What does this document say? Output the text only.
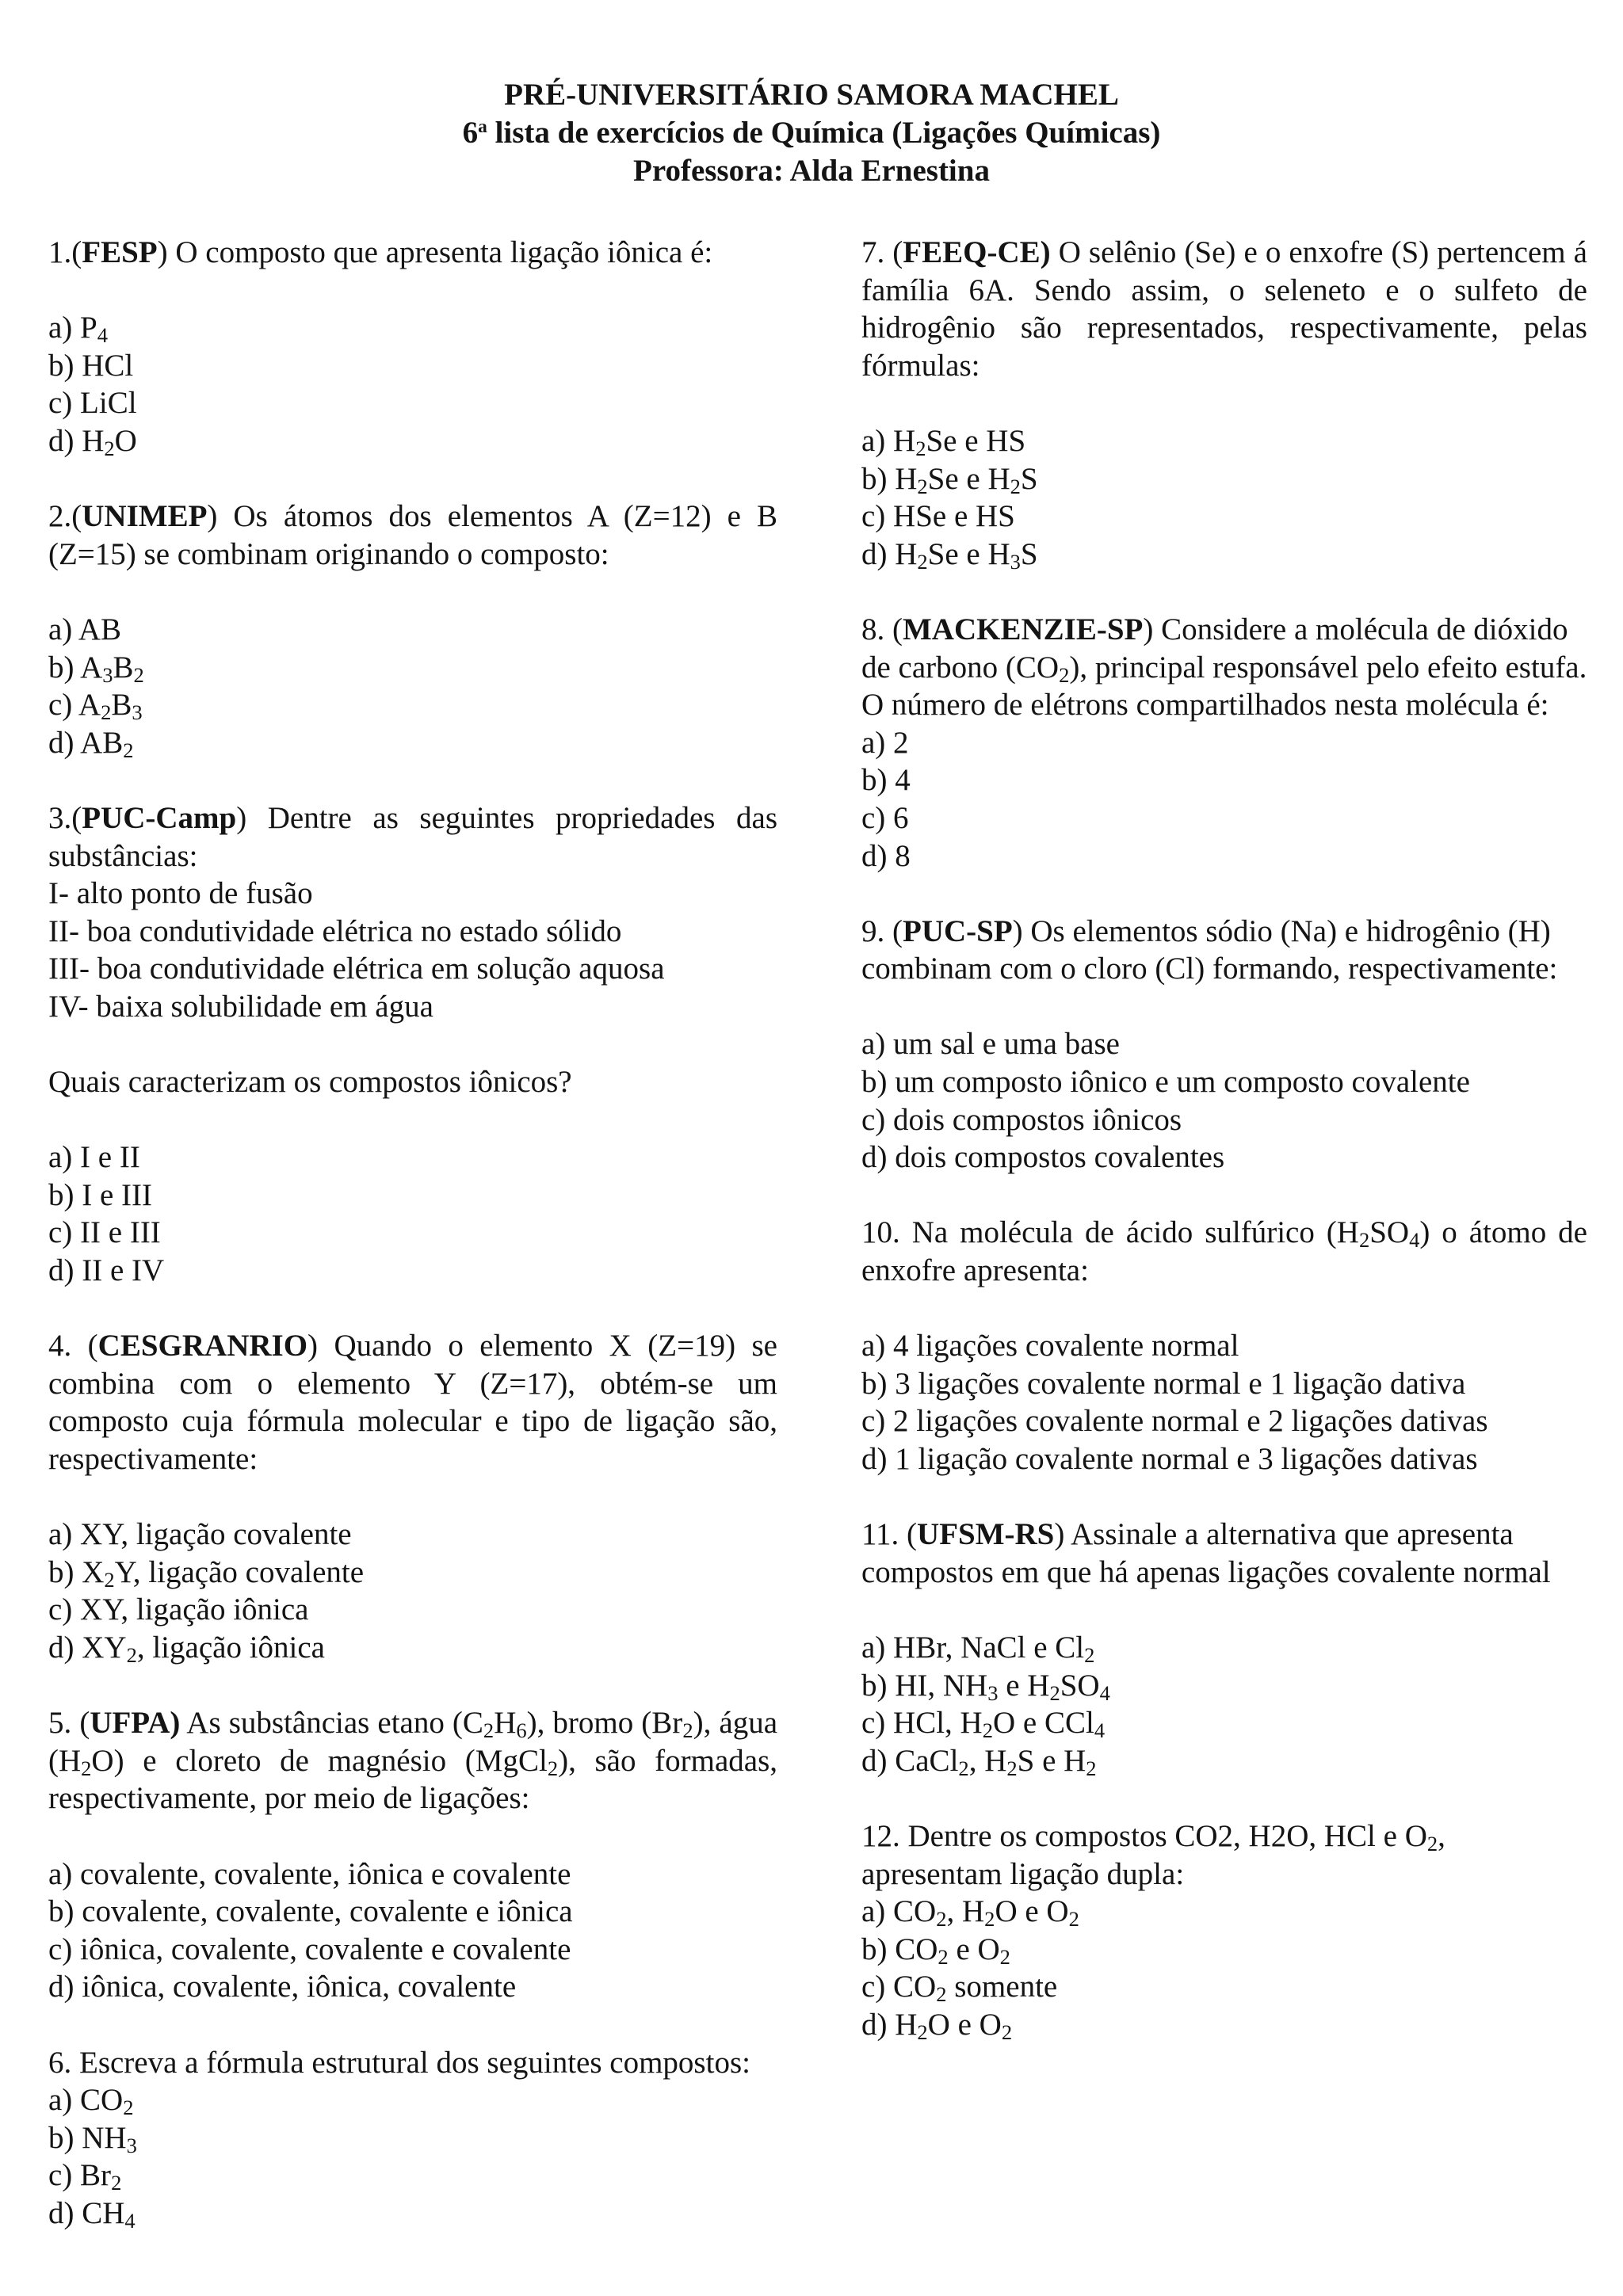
PRÉ-UNIVERSITÁRIO SAMORA MACHEL
6$^a$ lista de exercícios de Química (Ligações Químicas)
Professora: Alda Ernestina
1.(FESP) O composto que apresenta ligação iônica é:
a) $P_4$
b) HCl
c) LiCl
d) $H_2O$
2.(UNIMEP) Os átomos dos elementos A (Z=12) e B (Z=15) se combinam originando o composto:
a) AB
b) $A_3B_2$
c) $A_2B_3$
d) $AB_2$
3.(PUC-Camp) Dentre as seguintes propriedades das substâncias:
I- alto ponto de fusão
II- boa condutividade elétrica no estado sólido
III- boa condutividade elétrica em solução aquosa
IV- baixa solubilidade em água
Quais caracterizam os compostos iônicos?
a) I e II
b) I e III
c) II e III
d) II e IV
4. (CESGRANRIO) Quando o elemento X (Z=19) se combina com o elemento Y (Z=17), obtém-se um composto cuja fórmula molecular e tipo de ligação são, respectivamente:
a) XY, ligação covalente
b) $X_2Y$, ligação covalente
c) XY, ligação iônica
d) $XY_2$, ligação iônica
5. (UFPA) As substâncias etano $(C_2H_6)$, bromo $(Br_2)$, água $(H_2O)$ e cloreto de magnésio (MgCl$_2$), são formadas, respectivamente, por meio de ligações:
a) covalente, covalente, iônica e covalente
b) covalente, covalente, covalente e iônica
c) iônica, covalente, covalente e covalente
d) iônica, covalente, iônica, covalente
6. Escreva a fórmula estrutural dos seguintes compostos:
a) $CO_2$
b) $NH_3$
c) $Br_2$
d) $CH_4$
7. (FEEQ-CE) O selênio (Se) e o enxofre (S) pertencem á família 6A. Sendo assim, o seleneto e o sulfeto de hidrogênio são representados, respectivamente, pelas fórmulas:
a) $H_2Se$ e HS
b) $H_2Se$ e $H_2S$
c) HSe e HS
d) $H_2Se$ e $H_3S$
8. (MACKENZIE-SP) Considere a molécula de dióxido de carbono $(CO_2)$, principal responsável pelo efeito estufa. O número de elétrons compartilhados nesta molécula é:
a) 2
b) 4
c) 6
d) 8
9. (PUC-SP) Os elementos sódio (Na) e hidrogênio (H) combinam com o cloro (Cl) formando, respectivamente:
a) um sal e uma base
b) um composto iônico e um composto covalente
c) dois compostos iônicos
d) dois compostos covalentes
10. Na molécula de ácido sulfúrico $(H_2SO_4)$ o átomo de enxofre apresenta:
a) 4 ligações covalente normal
b) 3 ligações covalente normal e 1 ligação dativa
c) 2 ligações covalente normal e 2 ligações dativas
d) 1 ligação covalente normal e 3 ligações dativas
11. (UFSM-RS) Assinale a alternativa que apresenta compostos em que há apenas ligações covalente normal
a) HBr, NaCl e $Cl_2$
b) HI, $NH_3$ e $H_2SO_4$
c) HCl, $H_2O$ e CCl$_4$
d) CaCl$_2$, $H_2S$ e $H_2$
12. Dentre os compostos CO2, H2O, HCl e $O_2$, apresentam ligação dupla:
a) $CO_2$, $H_2O$ e $O_2$
b) $CO_2$ e $O_2$
c) $CO_2$ somente
d) $H_2O$ e $O_2$
